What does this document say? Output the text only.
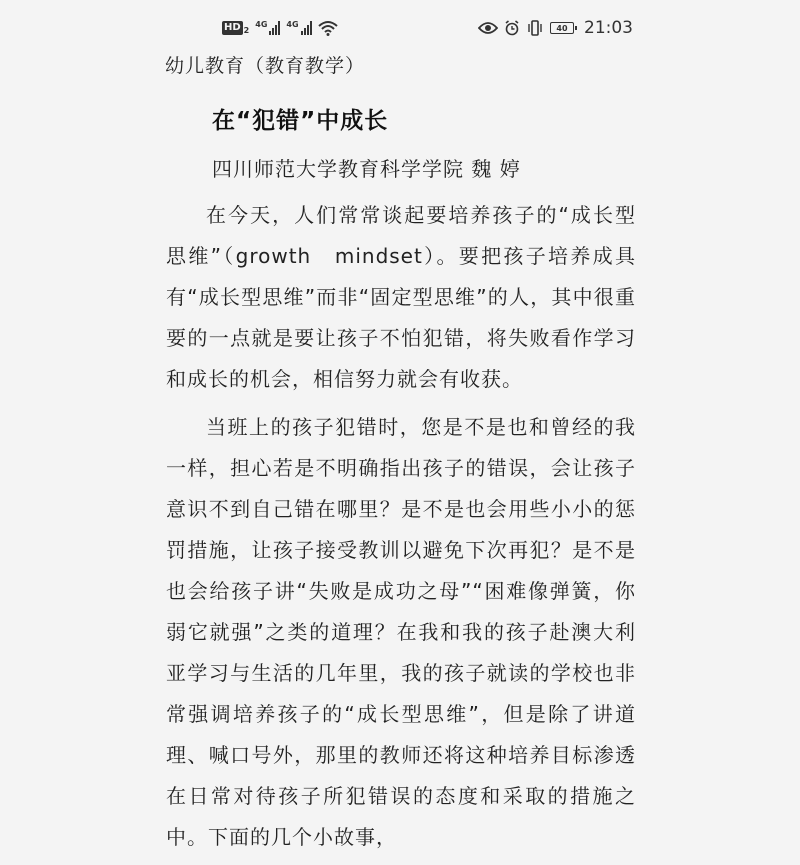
HD 2
4G 4G	40 21:03
幼儿教育（教育教学）
在“犯错”中成长
四川师范大学教育科学学院 魏 婷

在今天，人们常常谈起要培养孩子的“成长型思维”（growth　mindset）。要把孩子培养成具有“成长型思维”而非“固定型思维”的人，其中很重要的一点就是要让孩子不怕犯错，将失败看作学习和成长的机会，相信努力就会有收获。

当班上的孩子犯错时，您是不是也和曾经的我一样，担心若是不明确指出孩子的错误，会让孩子意识不到自己错在哪里？是不是也会用些小小的惩罚措施，让孩子接受教训以避免下次再犯？是不是也会给孩子讲“失败是成功之母”“困难像弹簧，你弱它就强”之类的道理？在我和我的孩子赴澳大利亚学习与生活的几年里，我的孩子就读的学校也非常强调培养孩子的“成长型思维”，但是除了讲道理、喊口号外，那里的教师还将这种培养目标渗透在日常对待孩子所犯错误的态度和采取的措施之中。下面的几个小故事，
